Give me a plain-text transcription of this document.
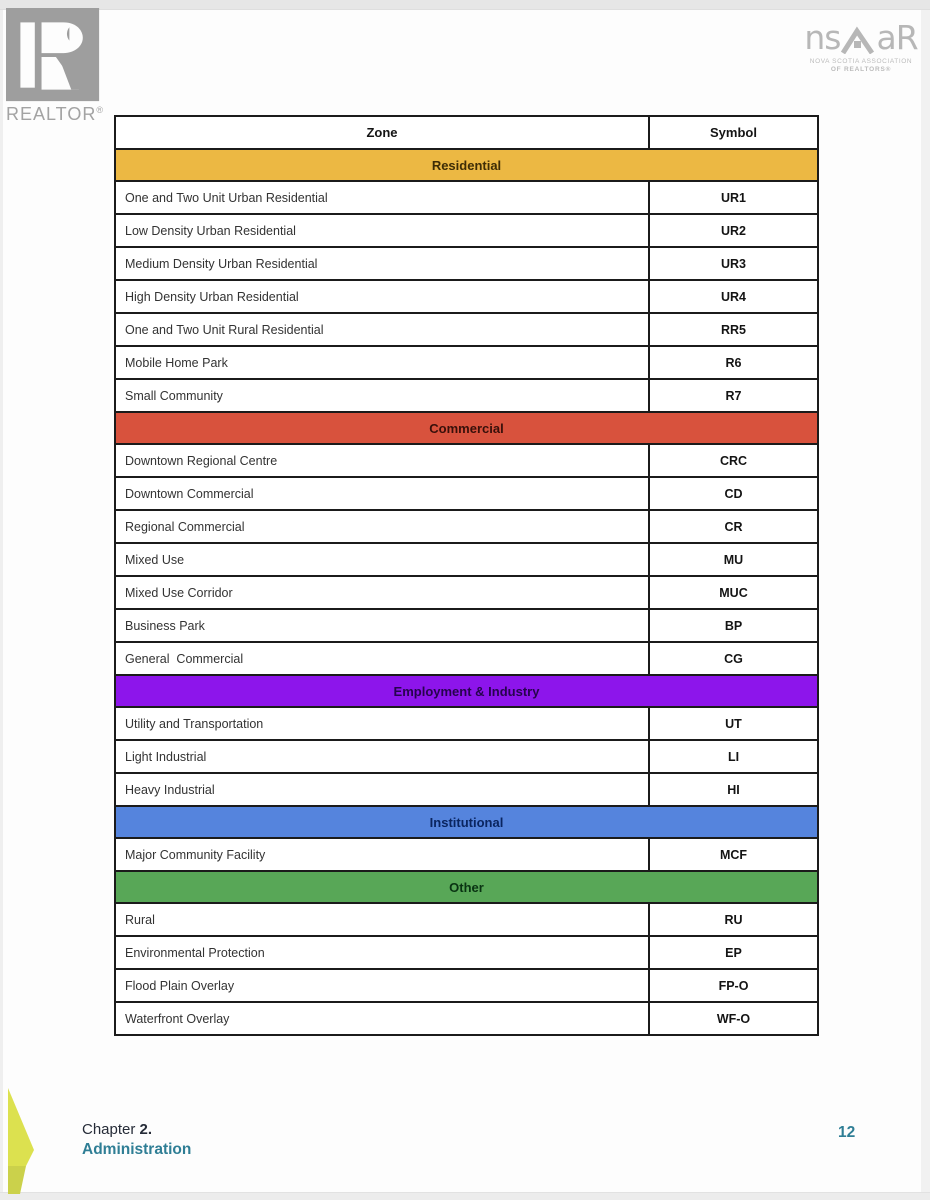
REALTOR®
ns aR
NOVA SCOTIA ASSOCIATION
OF REALTORS®
Zone	Symbol
Residential	
One and Two Unit Urban Residential	UR1
Low Density Urban Residential	UR2
Medium Density Urban Residential	UR3
High Density Urban Residential	UR4
One and Two Unit Rural Residential	RR5
Mobile Home Park	R6
Small Community	R7
Commercial	
Downtown Regional Centre	CRC
Downtown Commercial	CD
Regional Commercial	CR
Mixed Use	MU
Mixed Use Corridor	MUC
Business Park	BP
General  Commercial	CG
Employment & Industry	
Utility and Transportation	UT
Light Industrial	LI
Heavy Industrial	HI
Institutional	
Major Community Facility	MCF
Other	
Rural	RU
Environmental Protection	EP
Flood Plain Overlay	FP-O
Waterfront Overlay	WF-O
Chapter 2.
Administration
12
